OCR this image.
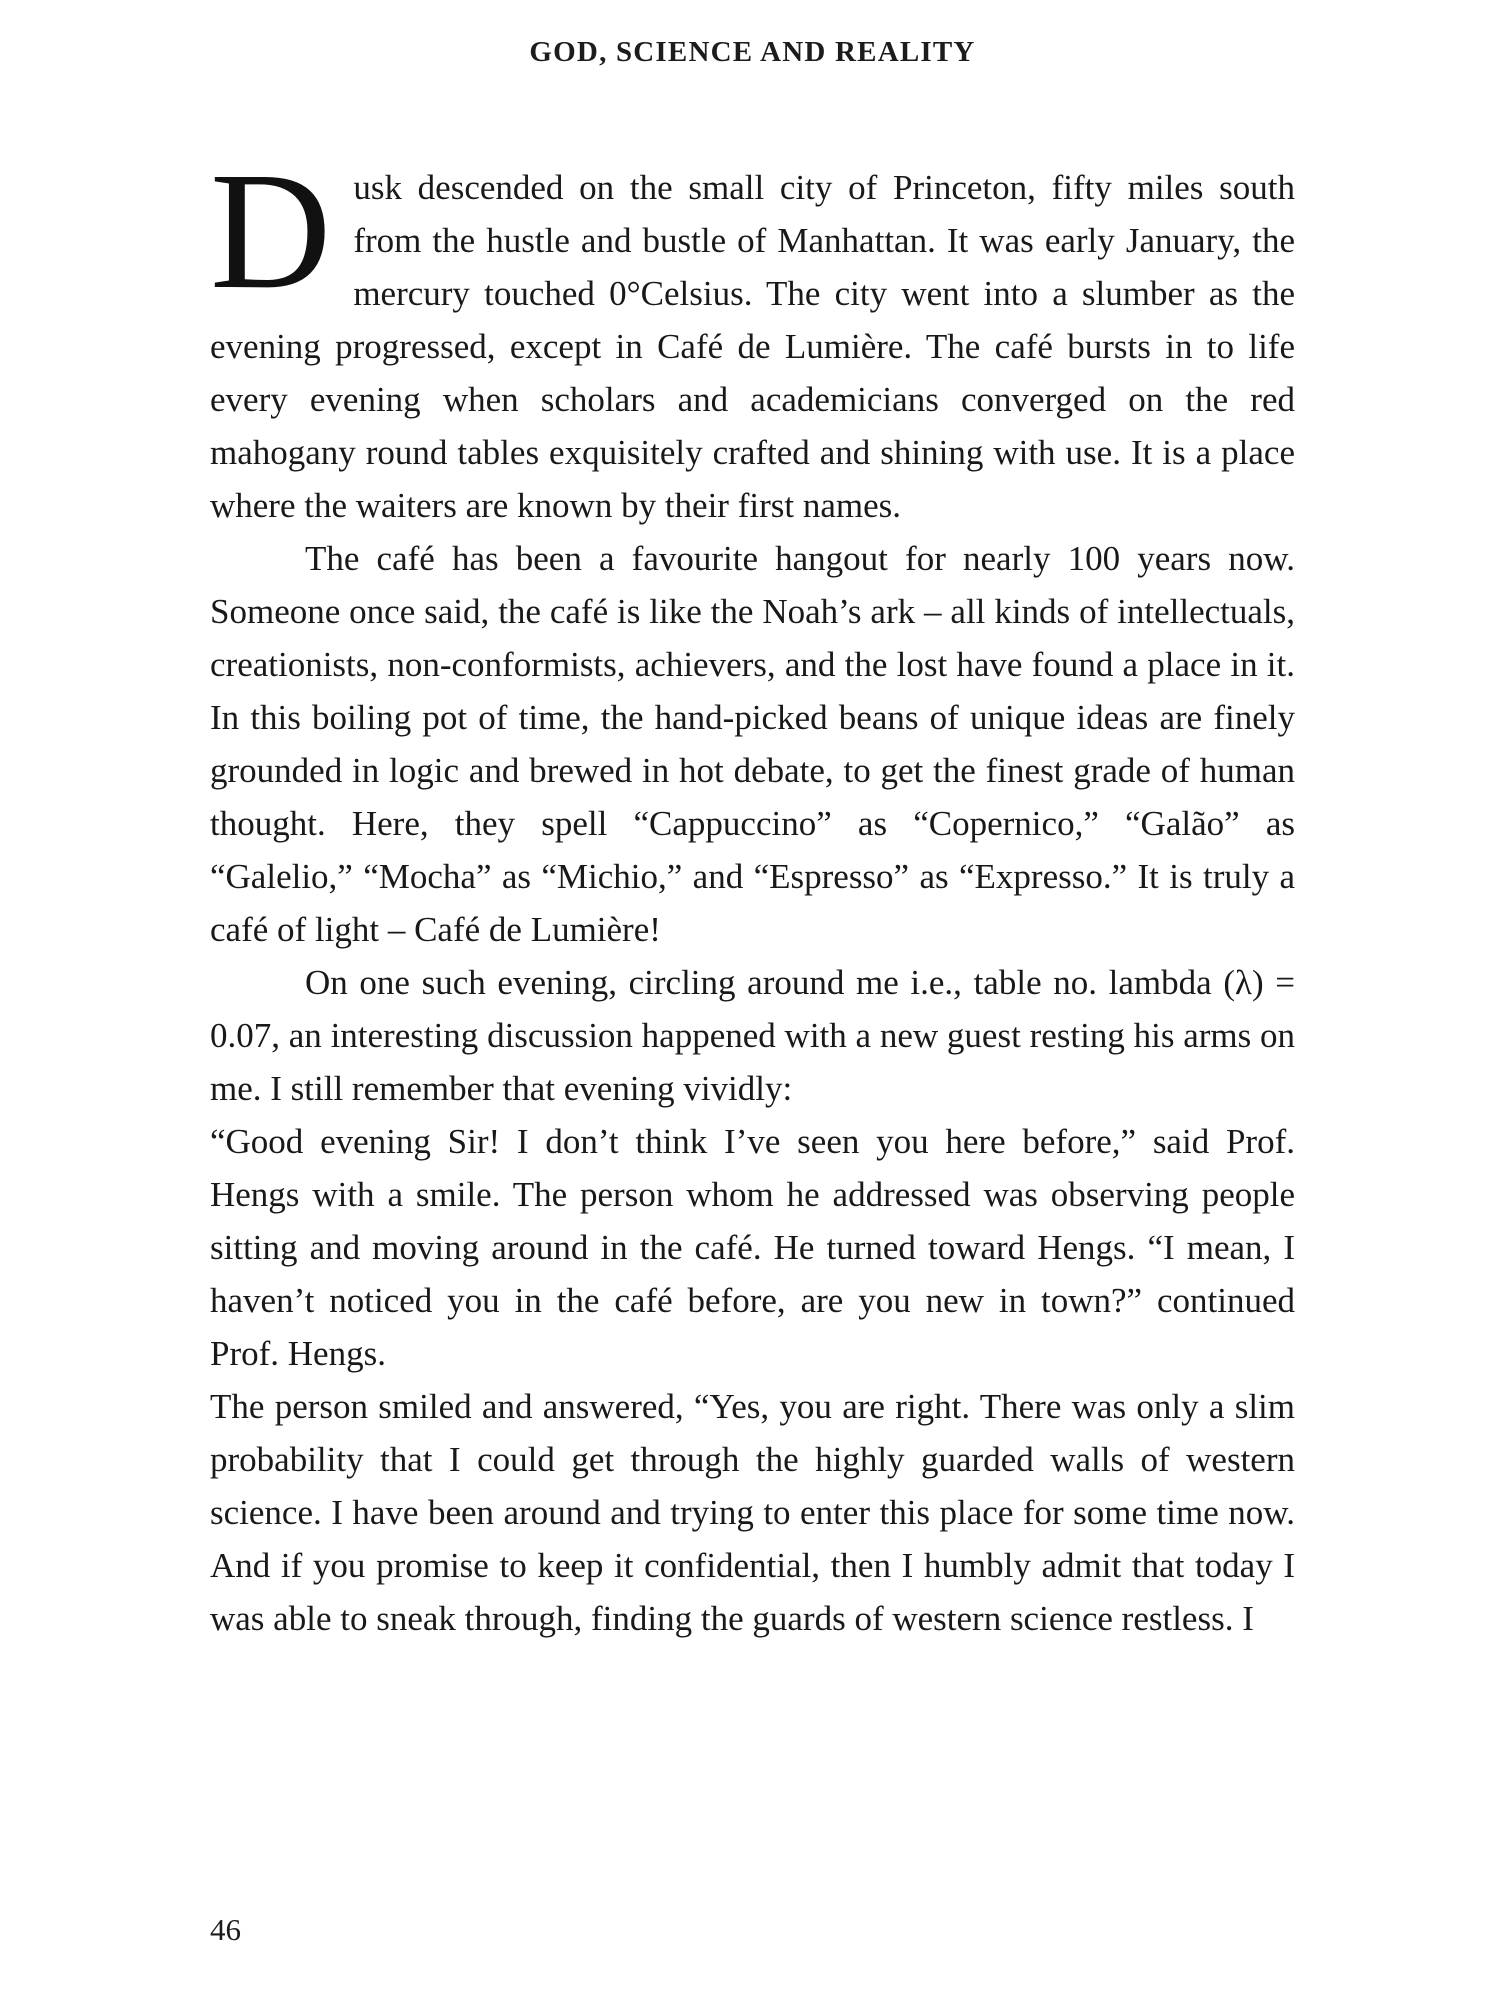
GOD, SCIENCE AND REALITY

Dusk descended on the small city of Princeton, fifty miles south from the hustle and bustle of Manhattan. It was early January, the mercury touched 0°Celsius. The city went into a slumber as the evening progressed, except in Café de Lumière. The café bursts in to life every evening when scholars and academicians converged on the red mahogany round tables exquisitely crafted and shining with use. It is a place where the waiters are known by their first names.

The café has been a favourite hangout for nearly 100 years now. Someone once said, the café is like the Noah’s ark – all kinds of intellectuals, creationists, non-conformists, achievers, and the lost have found a place in it. In this boiling pot of time, the hand-picked beans of unique ideas are finely grounded in logic and brewed in hot debate, to get the finest grade of human thought. Here, they spell “Cappuccino” as “Copernico,” “Galão” as “Galelio,” “Mocha” as “Michio,” and “Espresso” as “Expresso.” It is truly a café of light – Café de Lumière!

On one such evening, circling around me i.e., table no. lambda (λ) = 0.07, an interesting discussion happened with a new guest resting his arms on me. I still remember that evening vividly:

“Good evening Sir! I don’t think I’ve seen you here before,” said Prof. Hengs with a smile. The person whom he addressed was observing people sitting and moving around in the café. He turned toward Hengs. “I mean, I haven’t noticed you in the café before, are you new in town?” continued Prof. Hengs.

The person smiled and answered, “Yes, you are right. There was only a slim probability that I could get through the highly guarded walls of western science. I have been around and trying to enter this place for some time now. And if you promise to keep it confidential, then I humbly admit that today I was able to sneak through, finding the guards of western science restless. I

46
